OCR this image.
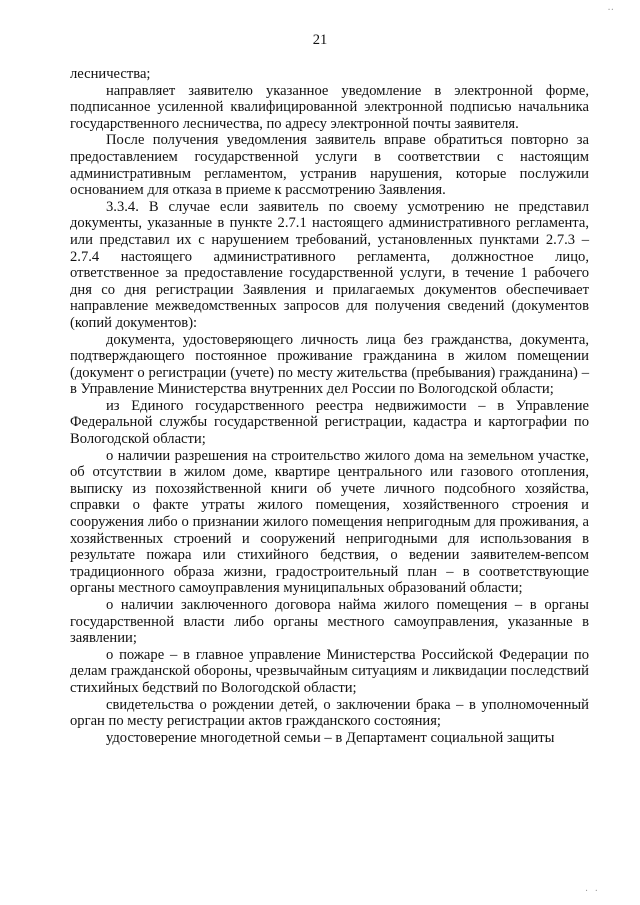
‥
21

лесничества;

направляет заявителю указанное уведомление в электронной форме, подписанное усиленной квалифицированной электронной подписью начальника государственного лесничества, по адресу электронной почты заявителя.

После получения уведомления заявитель вправе обратиться повторно за предоставлением государственной услуги в соответствии с настоящим административным регламентом, устранив нарушения, которые послужили основанием для отказа в приеме к рассмотрению Заявления.

3.3.4. В случае если заявитель по своему усмотрению не представил документы, указанные в пункте 2.7.1 настоящего административного регламента, или представил их с нарушением требований, установленных пунктами 2.7.3 – 2.7.4 настоящего административного регламента, должностное лицо, ответственное за предоставление государственной услуги, в течение 1 рабочего дня со дня регистрации Заявления и прилагаемых документов обеспечивает направление межведомственных запросов для получения сведений (документов (копий документов):

документа, удостоверяющего личность лица без гражданства, документа, подтверждающего постоянное проживание гражданина в жилом помещении (документ о регистрации (учете) по месту жительства (пребывания) гражданина) – в Управление Министерства внутренних дел России по Вологодской области;

из Единого государственного реестра недвижимости – в Управление Федеральной службы государственной регистрации, кадастра и картографии по Вологодской области;

о наличии разрешения на строительство жилого дома на земельном участке, об отсутствии в жилом доме, квартире центрального или газового отопления, выписку из похозяйственной книги об учете личного подсобного хозяйства, справки о факте утраты жилого помещения, хозяйственного строения и сооружения либо о признании жилого помещения непригодным для проживания, а хозяйственных строений и сооружений непригодными для использования в результате пожара или стихийного бедствия, о ведении заявителем-вепсом традиционного образа жизни, градостроительный план – в соответствующие органы местного самоуправления муниципальных образований области;

о наличии заключенного договора найма жилого помещения – в органы государственной власти либо органы местного самоуправления, указанные в заявлении;

о пожаре – в главное управление Министерства Российской Федерации по делам гражданской обороны, чрезвычайным ситуациям и ликвидации последствий стихийных бедствий по Вологодской области;

свидетельства о рождении детей, о заключении брака – в уполномоченный орган по месту регистрации актов гражданского состояния;

удостоверение многодетной семьи – в Департамент социальной защиты

· ·
